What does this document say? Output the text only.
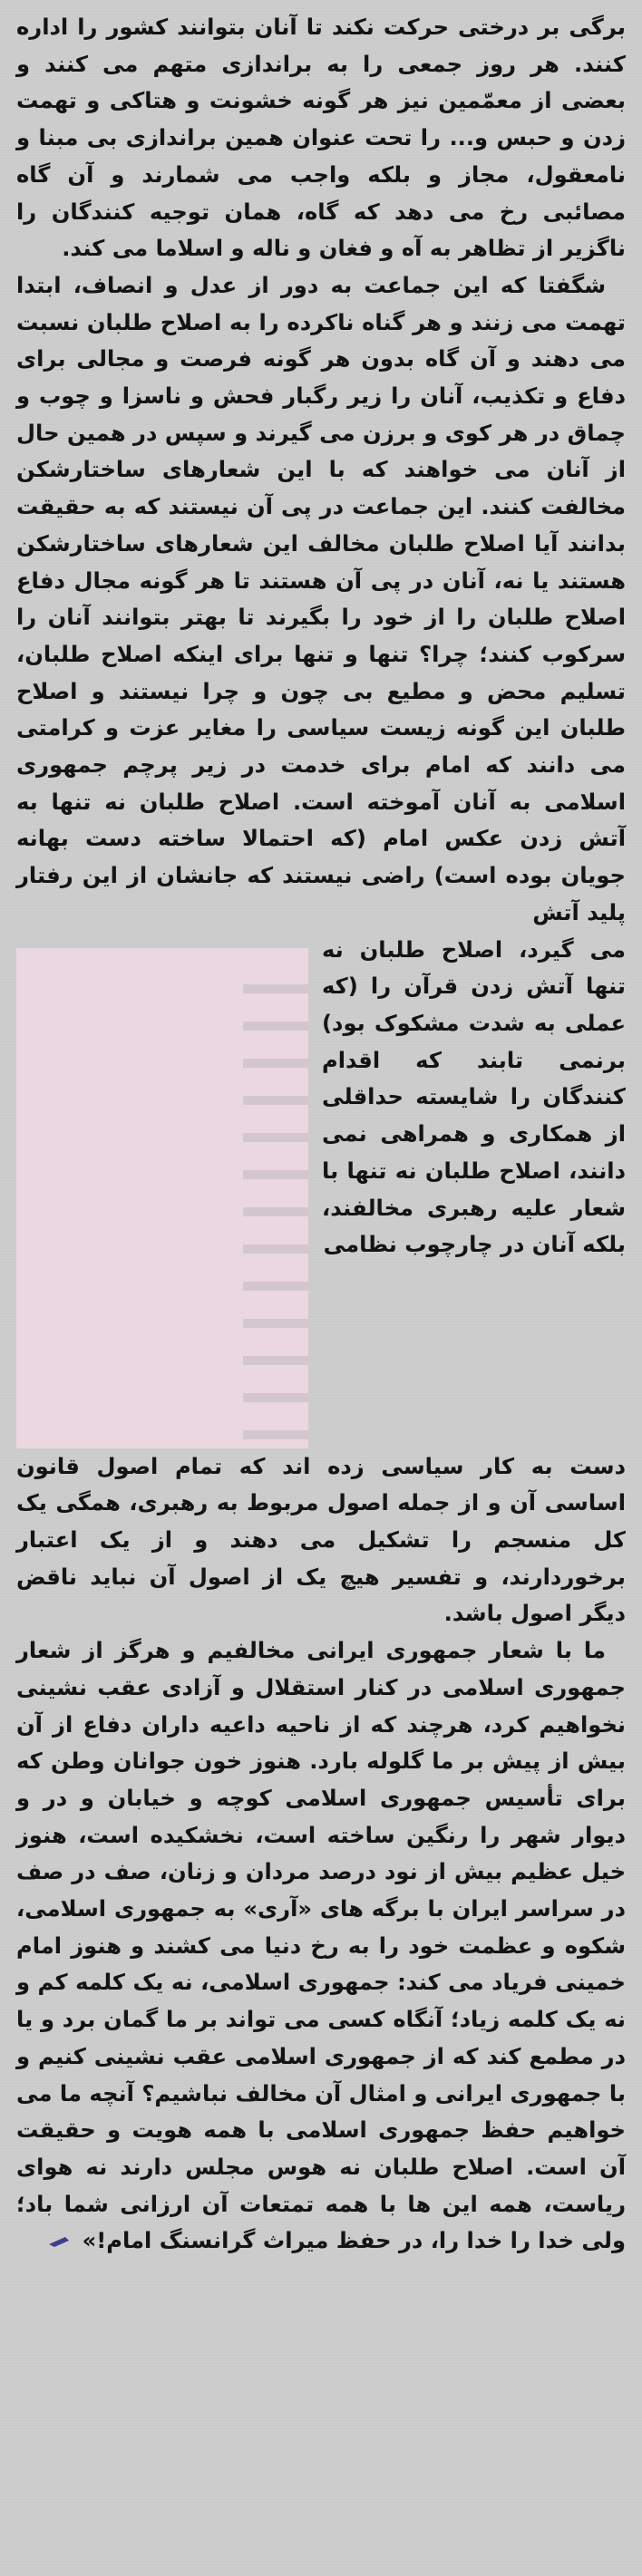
برگی بر درختی حرکت نکند تا آنان بتوانند کشور را اداره کنند. هر روز جمعی را به براندازی متهم می کنند و بعضی از معمّمین نیز هر گونه خشونت و هتاکی و تهمت زدن و حبس و... را تحت عنوان همین براندازی بی مبنا و نامعقول، مجاز و بلکه واجب می شمارند و آن گاه مصائبی رخ می دهد که گاه، همان توجیه کنندگان را ناگزیر از تظاهر به آه و فغان و ناله و اسلاما می کند.

شگفتا که این جماعت به دور از عدل و انصاف، ابتدا تهمت می زنند و هر گناه ناکرده را به اصلاح طلبان نسبت می دهند و آن گاه بدون هر گونه فرصت و مجالی برای دفاع و تکذیب، آنان را زیر رگبار فحش و ناسزا و چوب و چماق در هر کوی و برزن می گیرند و سپس در همین حال از آنان می خواهند که با این شعارهای ساختارشکن مخالفت کنند. این جماعت در پی آن نیستند که به حقیقت بدانند آیا اصلاح طلبان مخالف این شعارهای ساختارشکن هستند یا نه، آنان در پی آن هستند تا هر گونه مجال دفاع اصلاح طلبان را از خود را بگیرند تا بهتر بتوانند آنان را سرکوب کنند؛ چرا؟ تنها و تنها برای اینکه اصلاح طلبان، تسلیم محض و مطیع بی چون و چرا نیستند و اصلاح طلبان این گونه زیست سیاسی را مغایر عزت و کرامتی می دانند که امام برای خدمت در زیر پرچم جمهوری اسلامی به آنان آموخته است. اصلاح طلبان نه تنها به آتش زدن عکس امام (که احتمالا ساخته دست بهانه جویان بوده است) راضی نیستند که جانشان از این رفتار پلید آتش

می گیرد، اصلاح طلبان نه تنها آتش زدن قرآن را (که عملی به شدت مشکوک بود) برنمی تابند که اقدام کنندگان را شایسته حداقلی از همکاری و همراهی نمی دانند، اصلاح طلبان نه تنها با شعار علیه رهبری مخالفند، بلکه آنان در چارچوب نظامی

دست به کار سیاسی زده اند که تمام اصول قانون اساسی آن و از جمله اصول مربوط به رهبری، همگی یک کل منسجم را تشکیل می دهند و از یک اعتبار برخوردارند، و تفسیر هیچ یک از اصول آن نباید ناقض دیگر اصول باشد.

ما با شعار جمهوری ایرانی مخالفیم و هرگز از شعار جمهوری اسلامی در کنار استقلال و آزادی عقب نشینی نخواهیم کرد، هرچند که از ناحیه داعیه داران دفاع از آن بیش از پیش بر ما گلوله بارد. هنوز خون جوانان وطن که برای تأسیس جمهوری اسلامی کوچه و خیابان و در و دیوار شهر را رنگین ساخته است، نخشکیده است، هنوز خیل عظیم بیش از نود درصد مردان و زنان، صف در صف در سراسر ایران با برگه های «آری» به جمهوری اسلامی، شکوه و عظمت خود را به رخ دنیا می کشند و هنوز امام خمینی فریاد می کند: جمهوری اسلامی، نه یک کلمه کم و نه یک کلمه زیاد؛ آنگاه کسی می تواند بر ما گمان برد و یا در مطمع کند که از جمهوری اسلامی عقب نشینی کنیم و با جمهوری ایرانی و امثال آن مخالف نباشیم؟ آنچه ما می خواهیم حفظ جمهوری اسلامی با همه هویت و حقیقت آن است. اصلاح طلبان نه هوس مجلس دارند نه هوای ریاست، همه این ها با همه تمتعات آن ارزانی شما باد؛ ولی خدا را خدا را، در حفظ میراث گرانسنگ امام!»
